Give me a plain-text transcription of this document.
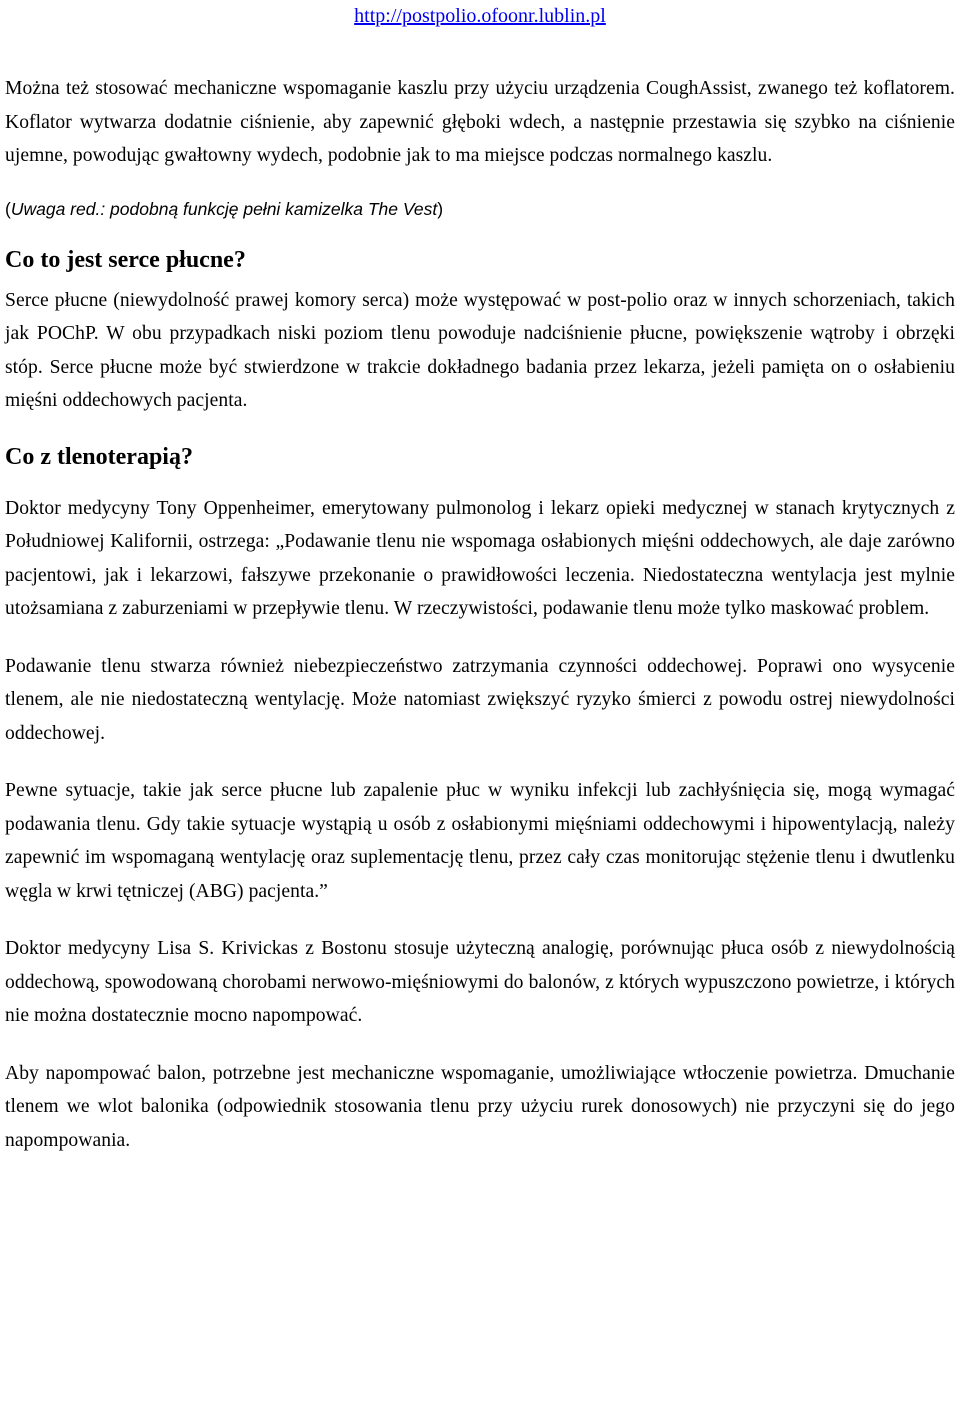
http://postpolio.ofoonr.lublin.pl

Można też stosować mechaniczne wspomaganie kaszlu przy użyciu urządzenia CoughAssist, zwanego też koflatorem. Koflator wytwarza dodatnie ciśnienie, aby zapewnić głęboki wdech, a następnie przestawia się szybko na ciśnienie ujemne, powodując gwałtowny wydech, podobnie jak to ma miejsce podczas normalnego kaszlu.

(Uwaga red.: podobną funkcję pełni kamizelka The Vest)

Co to jest serce płucne?

Serce płucne (niewydolność prawej komory serca) może występować w post-polio oraz w innych schorzeniach, takich jak POChP. W obu przypadkach niski poziom tlenu powoduje nadciśnienie płucne, powiększenie wątroby i obrzęki stóp. Serce płucne może być stwierdzone w trakcie dokładnego badania przez lekarza, jeżeli pamięta on o osłabieniu mięśni oddechowych pacjenta.

Co z tlenoterapią?

Doktor medycyny Tony Oppenheimer, emerytowany pulmonolog i lekarz opieki medycznej w stanach krytycznych z Południowej Kalifornii, ostrzega: „Podawanie tlenu nie wspomaga osłabionych mięśni oddechowych, ale daje zarówno pacjentowi, jak i lekarzowi, fałszywe przekonanie o prawidłowości leczenia. Niedostateczna wentylacja jest mylnie utożsamiana z zaburzeniami w przepływie tlenu. W rzeczywistości, podawanie tlenu może tylko maskować problem.

Podawanie tlenu stwarza również niebezpieczeństwo zatrzymania czynności oddechowej. Poprawi ono wysycenie tlenem, ale nie niedostateczną wentylację. Może natomiast zwiększyć ryzyko śmierci z powodu ostrej niewydolności oddechowej.

Pewne sytuacje, takie jak serce płucne lub zapalenie płuc w wyniku infekcji lub zachłyśnięcia się, mogą wymagać podawania tlenu. Gdy takie sytuacje wystąpią u osób z osłabionymi mięśniami oddechowymi i hipowentylacją, należy zapewnić im wspomaganą wentylację oraz suplementację tlenu, przez cały czas monitorując stężenie tlenu i dwutlenku węgla w krwi tętniczej (ABG) pacjenta.”

Doktor medycyny Lisa S. Krivickas z Bostonu stosuje użyteczną analogię, porównując płuca osób z niewydolnością oddechową, spowodowaną chorobami nerwowo-mięśniowymi do balonów, z których wypuszczono powietrze, i których nie można dostatecznie mocno napompować.

Aby napompować balon, potrzebne jest mechaniczne wspomaganie, umożliwiające wtłoczenie powietrza. Dmuchanie tlenem we wlot balonika (odpowiednik stosowania tlenu przy użyciu rurek donosowych) nie przyczyni się do jego napompowania.
